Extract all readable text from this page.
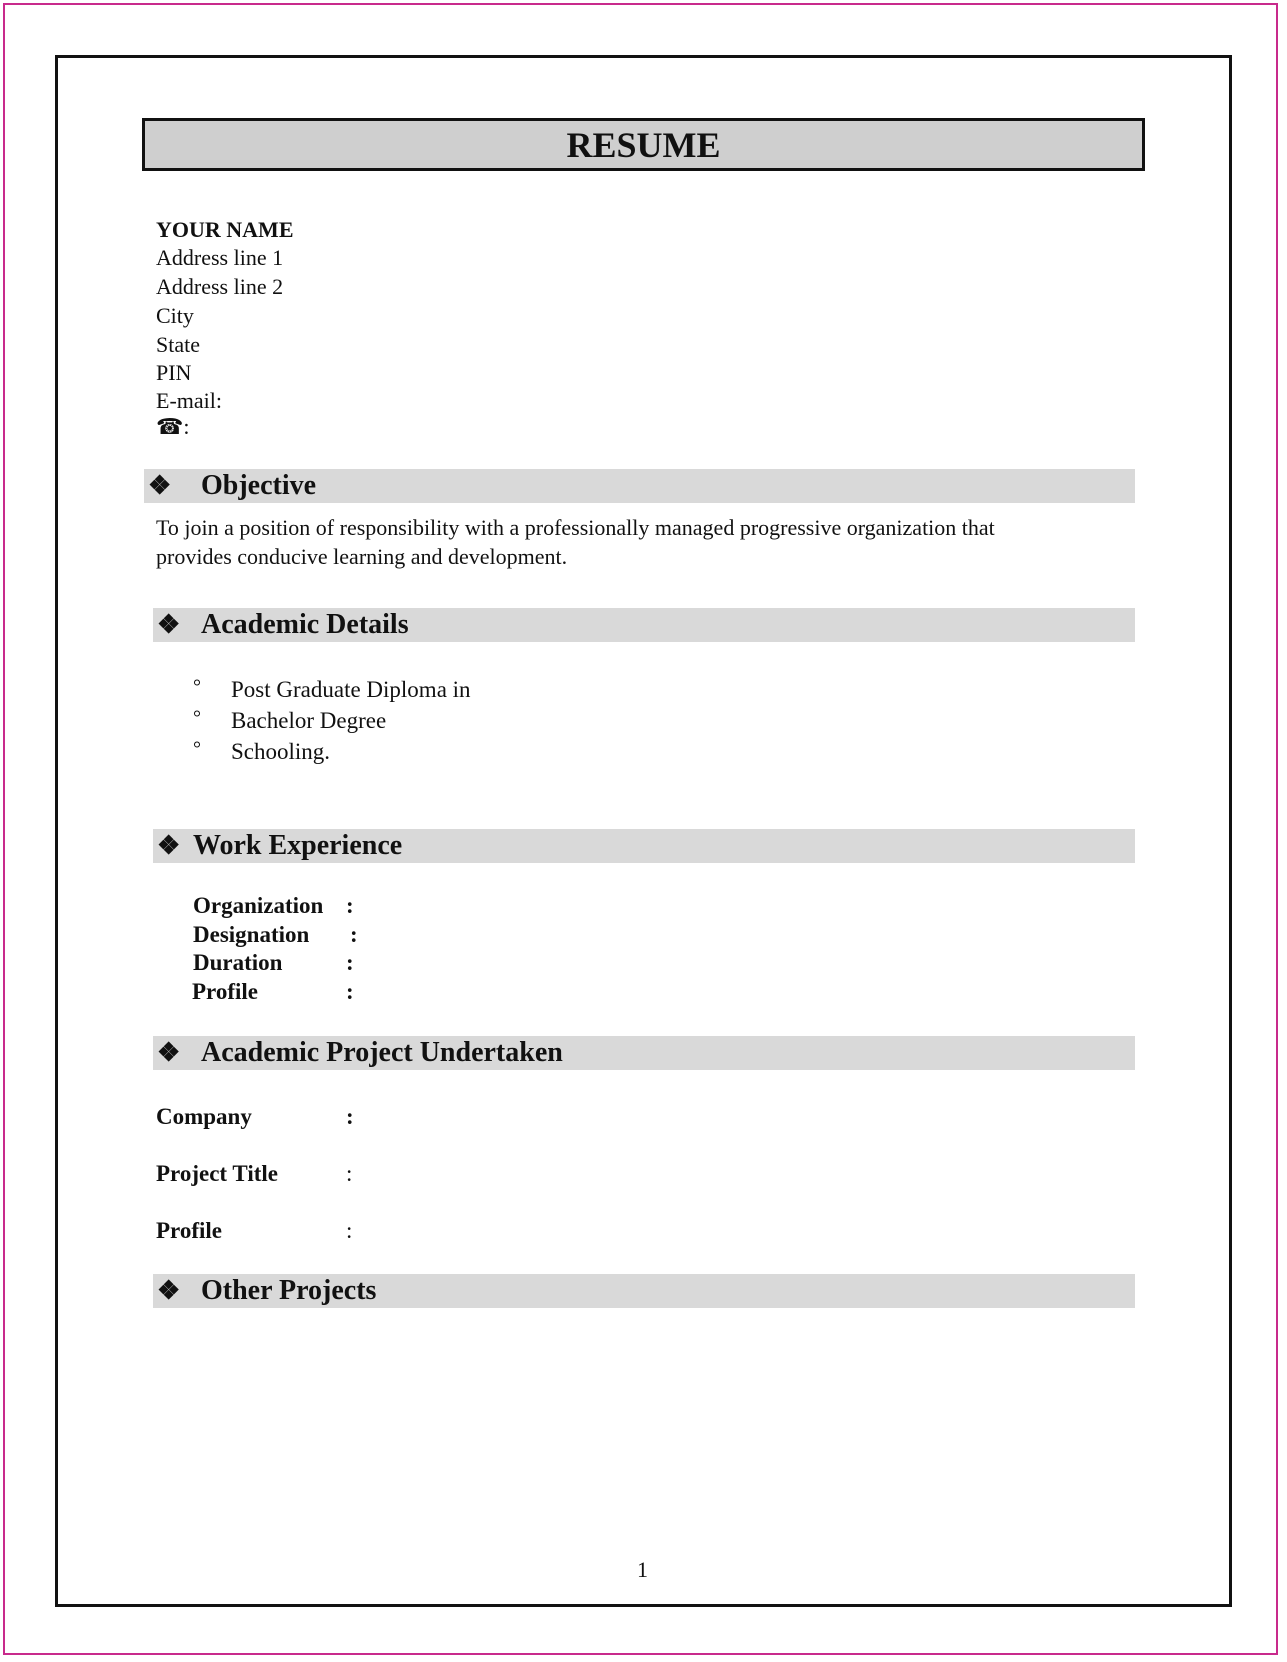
RESUME
YOUR NAME
Address line 1
Address line 2
City
State
PIN
E-mail:
☎:
❖ Objective
To join a position of responsibility with a professionally managed progressive organization that
provides conducive learning and development.
❖ Academic Details
° Post Graduate Diploma in
° Bachelor Degree
° Schooling.
❖ Work Experience
Organization :
Designation :
Duration	:
Profile	:
❖ Academic Project Undertaken
Company	:
Project Title	:
Profile	:
❖ Other Projects
1
